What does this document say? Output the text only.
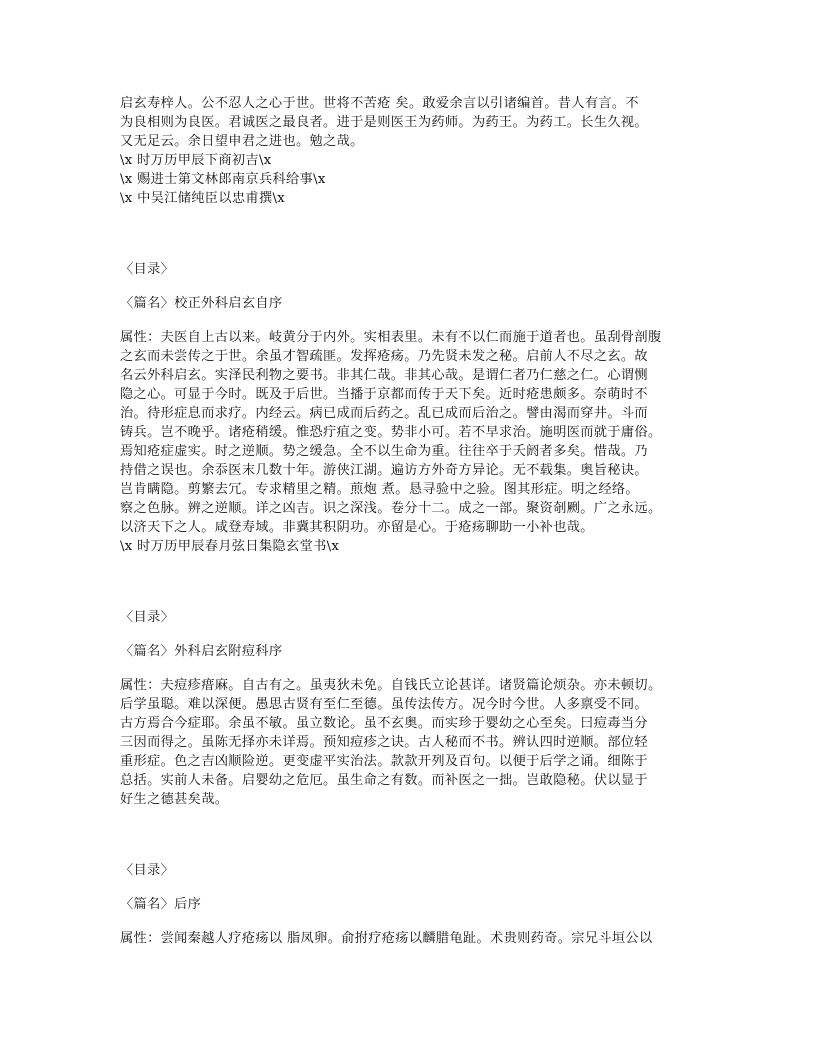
启玄寿梓人。公不忍人之心于世。世将不苦疮 矣。敢爱余言以引诸编首。昔人有言。不
为良相则为良医。君诚医之最良者。进于是则医王为药师。为药王。为药工。长生久视。
又无足云。余日望申君之进也。勉之哉。
\x 时万历甲辰下商初吉\x
\x 赐进士第文林郎南京兵科给事\x
\x 中吴江储纯臣以忠甫撰\x
〈目录〉
〈篇名〉校正外科启玄自序
属性：夫医自上古以来。岐黄分于内外。实相表里。未有不以仁而施于道者也。虽刮骨剖腹
之玄而未尝传之于世。余虽才智疏匪。发挥疮疡。乃先贤未发之秘。启前人不尽之玄。故
名云外科启玄。实泽民利物之要书。非其仁哉。非其心哉。是谓仁者乃仁慈之仁。心谓恻
隐之心。可显于今时。既及于后世。当播于京都而传于天下矣。近时疮患颇多。奈萌时不
治。待形症息而求疗。内经云。病已成而后药之。乱已成而后治之。譬由渴而穿井。斗而
铸兵。岂不晚乎。诸疮稍缓。惟恐疔疽之变。势非小可。若不早求治。施明医而就于庸俗。
焉知疮症虚实。时之逆顺。势之缓急。全不以生命为重。往往卒于夭阏者多矣。惜哉。乃
持借之误也。余忝医末几数十年。游侠江湖。遍访方外奇方异论。无不载集。奥旨秘诀。
岂肯瞒隐。剪繁去冗。专求精里之精。煎炮 煮。恳寻验中之验。图其形症。明之经络。
察之色脉。辨之逆顺。详之凶吉。识之深浅。卷分十二。成之一部。聚资剞劂。广之永远。
以济天下之人。咸登寿域。非冀其积阴功。亦留是心。于疮疡聊助一小补也哉。
\x 时万历甲辰春月弦日集隐玄堂书\x
〈目录〉
〈篇名〉外科启玄附痘科序
属性：夫痘疹瘄麻。自古有之。虽夷狄未免。自钱氏立论甚详。诸贤篇论烦杂。亦未顿切。
后学虽聪。难以深便。愚思古贤有至仁至德。虽传法传方。况今时今世。人多禀受不同。
古方焉合今症耶。余虽不敏。虽立数论。虽不玄奥。而实珍于婴幼之心至矣。曰痘毒当分
三因而得之。虽陈无择亦未详焉。预知痘疹之诀。古人秘而不书。辨认四时逆顺。部位轻
重形症。色之吉凶顺险逆。更变虚平实治法。款款开列及百句。以便于后学之诵。细陈于
总括。实前人未备。启婴幼之危厄。虽生命之有数。而补医之一拙。岂敢隐秘。伏以显于
好生之德甚矣哉。
〈目录〉
〈篇名〉后序
属性：尝闻秦越人疗疮疡以 脂凤卵。俞拊疗疮疡以麟腊龟趾。术贵则药奇。宗兄斗垣公以
